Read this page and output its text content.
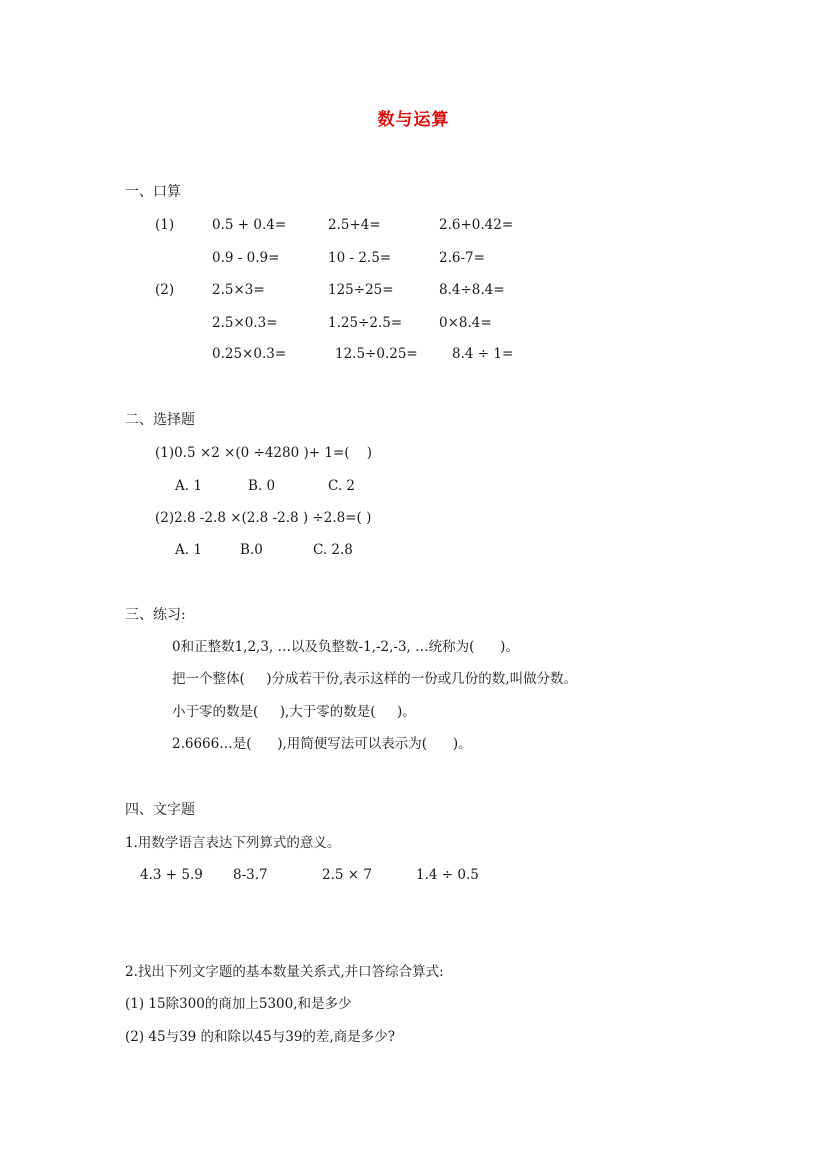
数与运算
一、口算
(1)	0.5 + 0.4=	2.5+4=	2.6+0.42=
0.9 - 0.9=	10 - 2.5=	2.6-7=
(2)	2.5×3=	125÷25=	8.4÷8.4=
2.5×0.3=	1.25÷2.5=	0×8.4=
0.25×0.3=	12.5÷0.25=	8.4 ÷ 1=
二、选择题
(1)0.5 ×2 ×(0 ÷4280 )+ 1=(    )
A. 1	B. 0	C. 2
(2)2.8 -2.8 ×(2.8 -2.8 ) ÷2.8=( )
A. 1	B.0	C. 2.8
三、练习:
0和正整数1,2,3, …以及负整数-1,-2,-3, …统称为(      )。
把一个整体(     )分成若干份,表示这样的一份或几份的数,叫做分数。
小于零的数是(     ),大于零的数是(     )。
2.6666…是(      ),用简便写法可以表示为(      )。
四、文字题
1.用数学语言表达下列算式的意义。
4.3 + 5.9 8-3.7	2.5 × 7	1.4 ÷ 0.5
2.找出下列文字题的基本数量关系式,并口答综合算式:
(1) 15除300的商加上5300,和是多少
(2) 45与39 的和除以45与39的差,商是多少?
